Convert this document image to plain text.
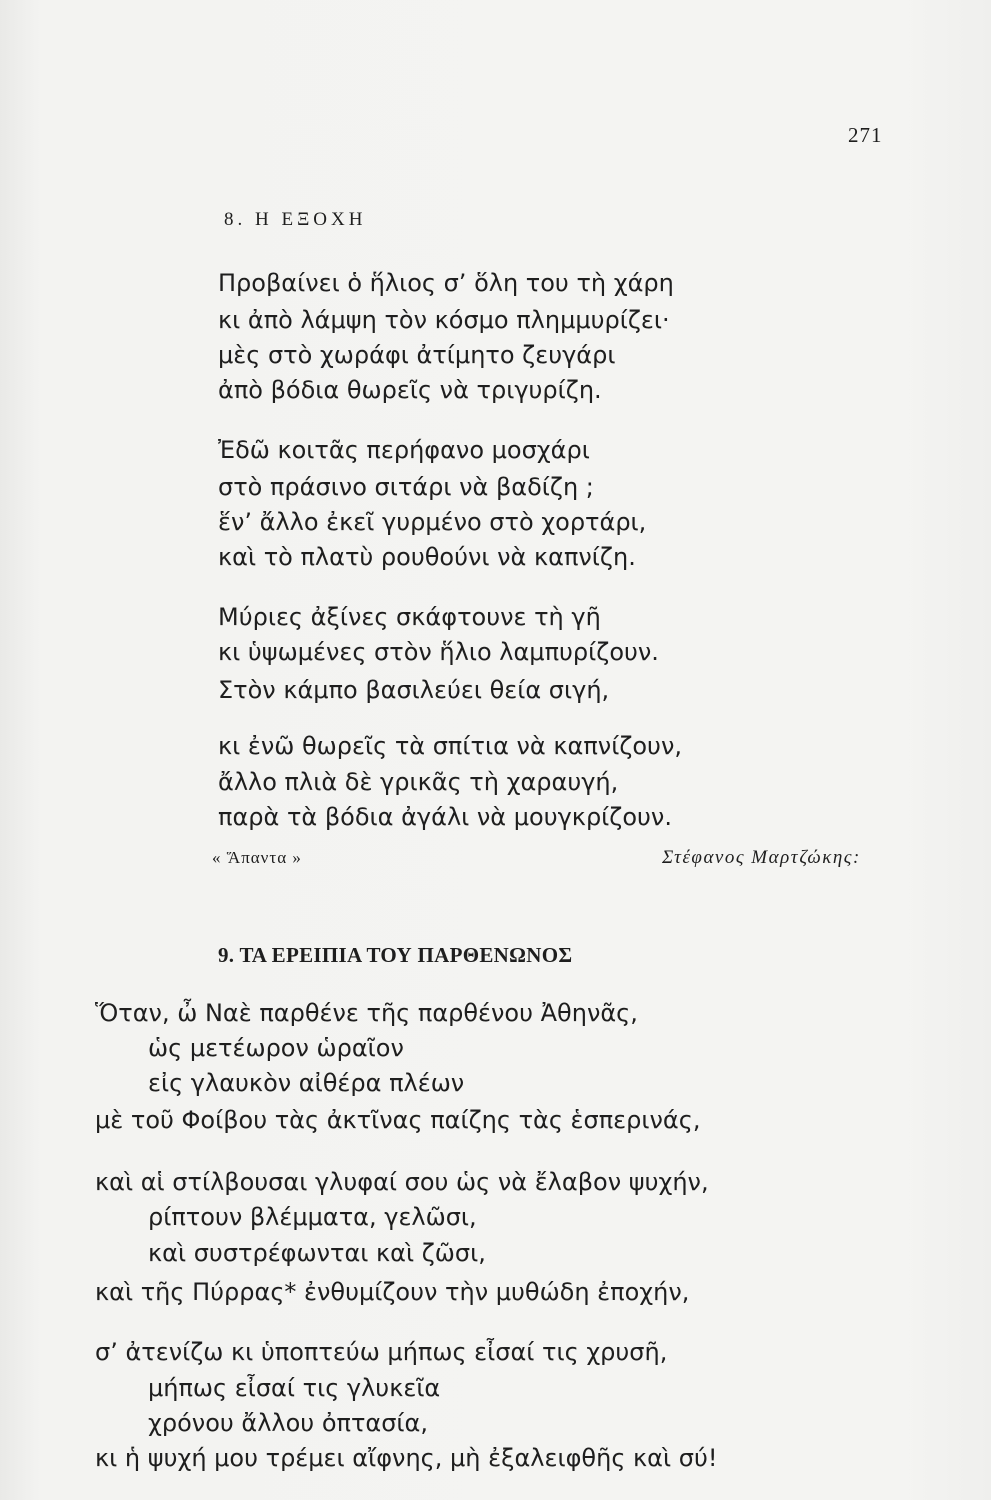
271
8. Η ΕΞΟΧΗ
Προβαίνει ὁ ἥλιος σ’ ὅλη του τὴ χάρη
κι ἀπὸ λάμψη τὸν κόσμο πλημμυρίζει·
μὲς στὸ χωράφι ἀτίμητο ζευγάρι
ἀπὸ βόδια θωρεῖς νὰ τριγυρίζη.
Ἐδῶ κοιτᾶς περήφανο μοσχάρι
στὸ πράσινο σιτάρι νὰ βαδίζη ;
ἕν’ ἄλλο ἐκεῖ γυρμένο στὸ χορτάρι,
καὶ τὸ πλατὺ ρουθούνι νὰ καπνίζη.
Μύριες ἀξίνες σκάφτουνε τὴ γῆ
κι ὑψωμένες στὸν ἥλιο λαμπυρίζουν.
Στὸν κάμπο βασιλεύει θεία σιγή,
κι ἐνῶ θωρεῖς τὰ σπίτια νὰ καπνίζουν,
ἄλλο πλιὰ δὲ γρικᾶς τὴ χαραυγή,
παρὰ τὰ βόδια ἀγάλι νὰ μουγκρίζουν.
« Ἅπαντα »	Στέφανος Μαρτζώκης:
9. ΤΑ ΕΡΕΙΠΙΑ ΤΟΥ ΠΑΡΘΕΝΩΝΟΣ
Ὅταν, ὦ Ναὲ παρθένε τῆς παρθένου Ἀθηνᾶς,
ὡς μετέωρον ὡραῖον
εἰς γλαυκὸν αἰθέρα πλέων
μὲ τοῦ Φοίβου τὰς ἀκτῖνας παίζης τὰς ἑσπερινάς,
καὶ αἱ στίλβουσαι γλυφαί σου ὡς νὰ ἔλαβον ψυχήν,
ρίπτουν βλέμματα, γελῶσι,
καὶ συστρέφωνται καὶ ζῶσι,
καὶ τῆς Πύρρας* ἐνθυμίζουν τὴν μυθώδη ἐποχήν,
σ’ ἀτενίζω κι ὑποπτεύω μήπως εἶσαί τις χρυσῆ,
μήπως εἶσαί τις γλυκεῖα
χρόνου ἄλλου ὀπτασία,
κι ἡ ψυχή μου τρέμει αἴφνης, μὴ ἐξαλειφθῆς καὶ σύ!
